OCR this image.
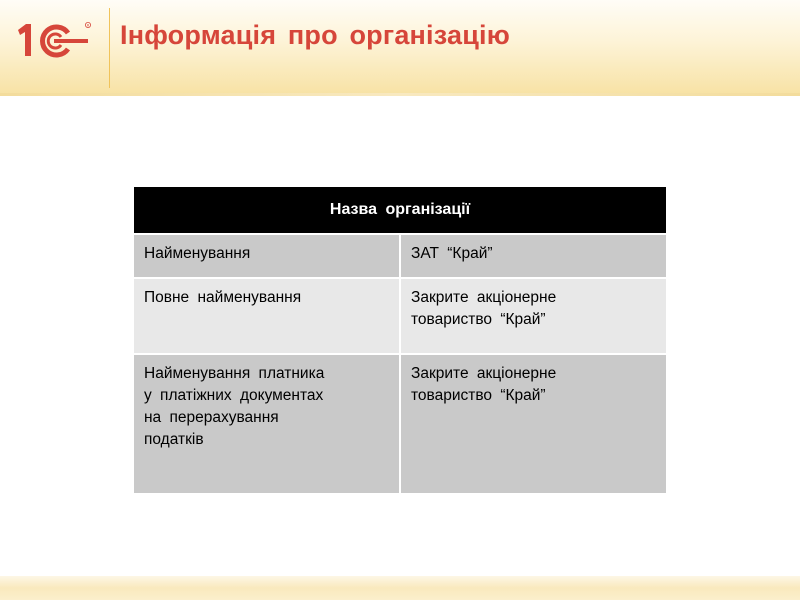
R Інформація про організацію
Назва організації	

Найменування	ЗАТ “Край”

Повне найменування	Закрите акціонерне
товариство “Край”

Найменування платника
у платіжних документах
на перерахування
податків	Закрите акціонерне
товариство “Край”
